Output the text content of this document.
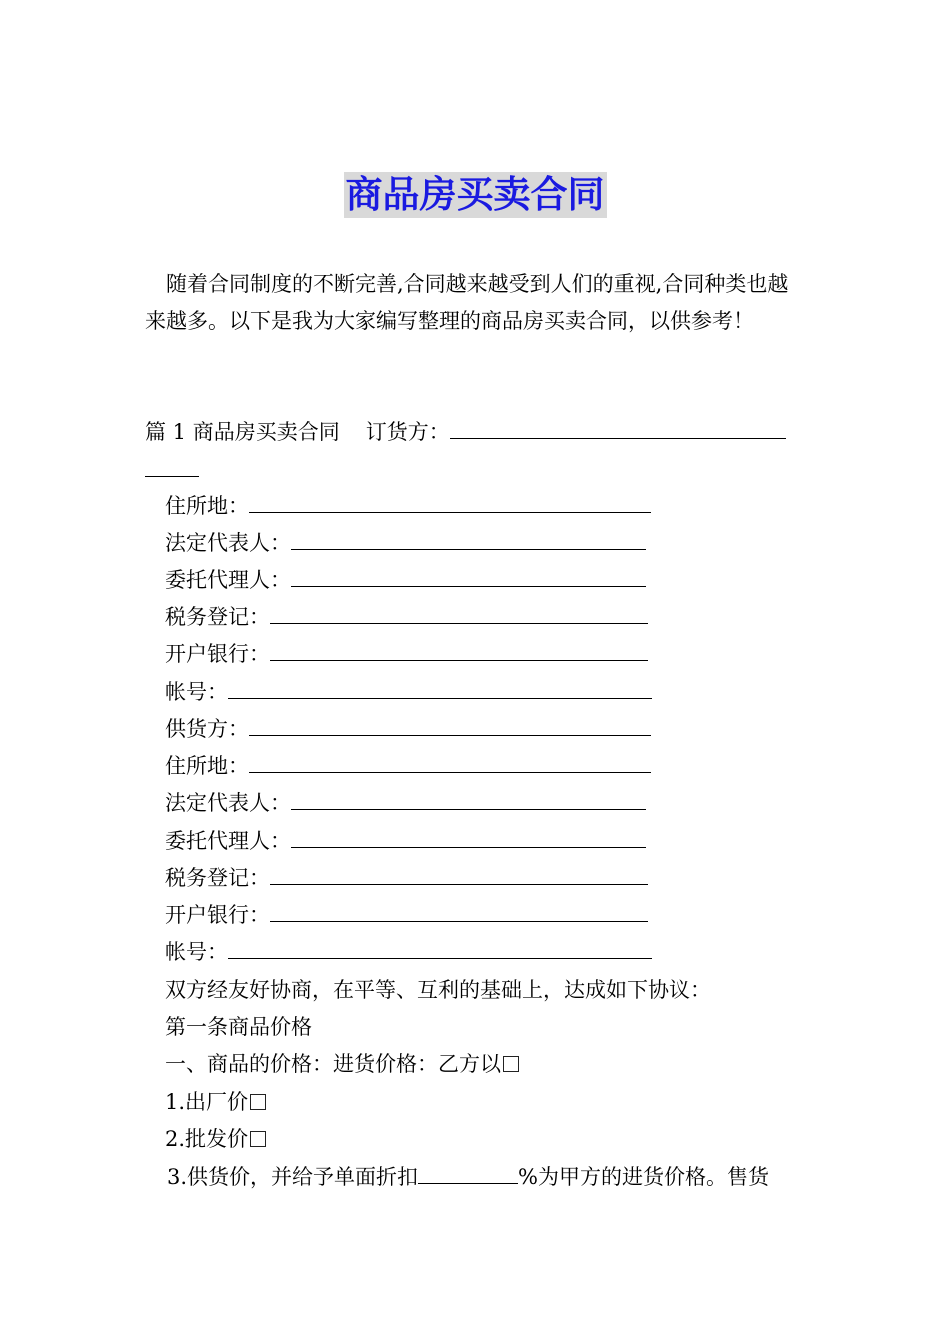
商品房买卖合同
随着合同制度的不断完善,合同越来越受到人们的重视,合同种类也越来越多。以下是我为大家编写整理的商品房买卖合同，以供参考！
篇 1 商品房买卖合同 订货方：
住所地：
法定代表人：
委托代理人：
税务登记：
开户银行：
帐号：
供货方：
住所地：
法定代表人：
委托代理人：
税务登记：
开户银行：
帐号：
双方经友好协商，在平等、互利的基础上，达成如下协议：
第一条商品价格
一、商品的价格：进货价格：乙方以
1.出厂价
2.批发价
3.供货价，并给予单面折扣	%为甲方的进货价格。售货
